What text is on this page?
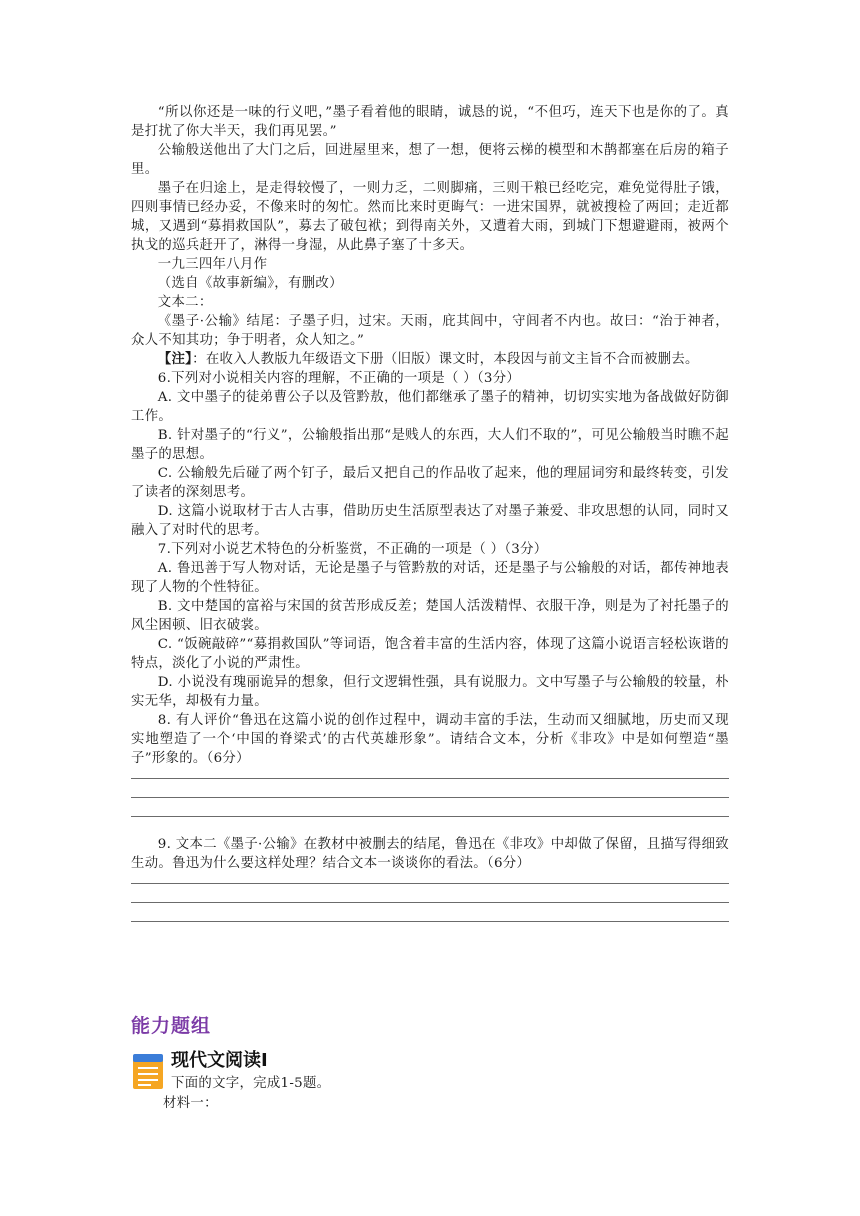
“所以你还是一味的行义吧，”墨子看着他的眼睛，诚恳的说，“不但巧，连天下也是你的了。真是打扰了你大半天，我们再见罢。”

公输般送他出了大门之后，回进屋里来，想了一想，便将云梯的模型和木鹊都塞在后房的箱子里。

墨子在归途上，是走得较慢了，一则力乏，二则脚痛，三则干粮已经吃完，难免觉得肚子饿，四则事情已经办妥，不像来时的匆忙。然而比来时更晦气：一进宋国界，就被搜检了两回；走近都城，又遇到“募捐救国队”，募去了破包袱；到得南关外，又遭着大雨，到城门下想避避雨，被两个执戈的巡兵赶开了，淋得一身湿，从此鼻子塞了十多天。

一九三四年八月作

（选自《故事新编》，有删改）

文本二：

《墨子·公输》结尾：子墨子归，过宋。天雨，庇其闾中，守闾者不内也。故曰：“治于神者，众人不知其功；争于明者，众人知之。”

【注】：在收入人教版九年级语文下册（旧版）课文时，本段因与前文主旨不合而被删去。

6.下列对小说相关内容的理解，不正确的一项是（ ）（3分）

A. 文中墨子的徒弟曹公子以及管黔敖，他们都继承了墨子的精神，切切实实地为备战做好防御工作。

B. 针对墨子的“行义”，公输般指出那“是贱人的东西，大人们不取的”，可见公输般当时瞧不起墨子的思想。

C. 公输般先后碰了两个钉子，最后又把自己的作品收了起来，他的理屈词穷和最终转变，引发了读者的深刻思考。

D. 这篇小说取材于古人古事，借助历史生活原型表达了对墨子兼爱、非攻思想的认同，同时又融入了对时代的思考。

7.下列对小说艺术特色的分析鉴赏，不正确的一项是（ ）（3分）

A. 鲁迅善于写人物对话，无论是墨子与管黔敖的对话，还是墨子与公输般的对话，都传神地表现了人物的个性特征。

B. 文中楚国的富裕与宋国的贫苦形成反差；楚国人活泼精悍、衣服干净，则是为了衬托墨子的风尘困顿、旧衣破裳。

C. “饭碗敲碎”“募捐救国队”等词语，饱含着丰富的生活内容，体现了这篇小说语言轻松诙谐的特点，淡化了小说的严肃性。

D. 小说没有瑰丽诡异的想象，但行文逻辑性强，具有说服力。文中写墨子与公输般的较量，朴实无华，却极有力量。

8. 有人评价“鲁迅在这篇小说的创作过程中，调动丰富的手法，生动而又细腻地，历史而又现实地塑造了一个‘中国的脊梁式’的古代英雄形象”。请结合文本，分析《非攻》中是如何塑造“墨子”形象的。（6分）

9. 文本二《墨子·公输》在教材中被删去的结尾，鲁迅在《非攻》中却做了保留，且描写得细致生动。鲁迅为什么要这样处理？结合文本一谈谈你的看法。（6分）

能力题组
现代文阅读Ⅰ
下面的文字，完成1-5题。
材料一：
